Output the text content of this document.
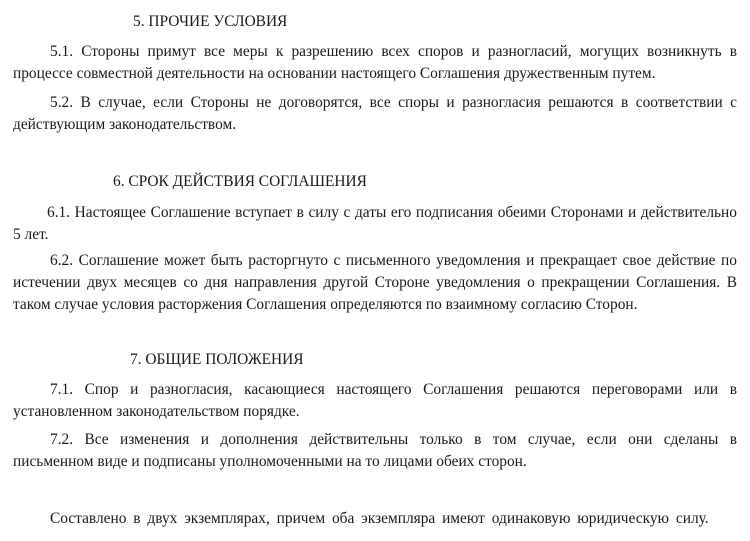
5. ПРОЧИЕ УСЛОВИЯ
5.1. Стороны примут все меры к разрешению всех споров и разногласий, могущих возникнуть в
процессе совместной деятельности на основании настоящего Соглашения дружественным путем.
5.2. В случае, если Стороны не договорятся, все споры и разногласия решаются в соответствии с
действующим законодательством.
6. СРОК ДЕЙСТВИЯ СОГЛАШЕНИЯ
6.1. Настоящее Соглашение вступает в силу с даты его подписания обеими Сторонами и действительно
5 лет.
6.2. Соглашение может быть расторгнуто с письменного уведомления и прекращает свое действие по
истечении двух месяцев со дня направления другой Стороне уведомления о прекращении Соглашения. В
таком случае условия расторжения Соглашения определяются по взаимному согласию Сторон.
7. ОБЩИЕ ПОЛОЖЕНИЯ
7.1. Спор и разногласия, касающиеся настоящего Соглашения решаются переговорами или в
установленном законодательством порядке.
7.2. Все изменения и дополнения действительны только в том случае, если они сделаны в
письменном виде и подписаны уполномоченными на то лицами обеих сторон.
Составлено в двух экземплярах, причем оба экземпляра имеют одинаковую юридическую силу.
